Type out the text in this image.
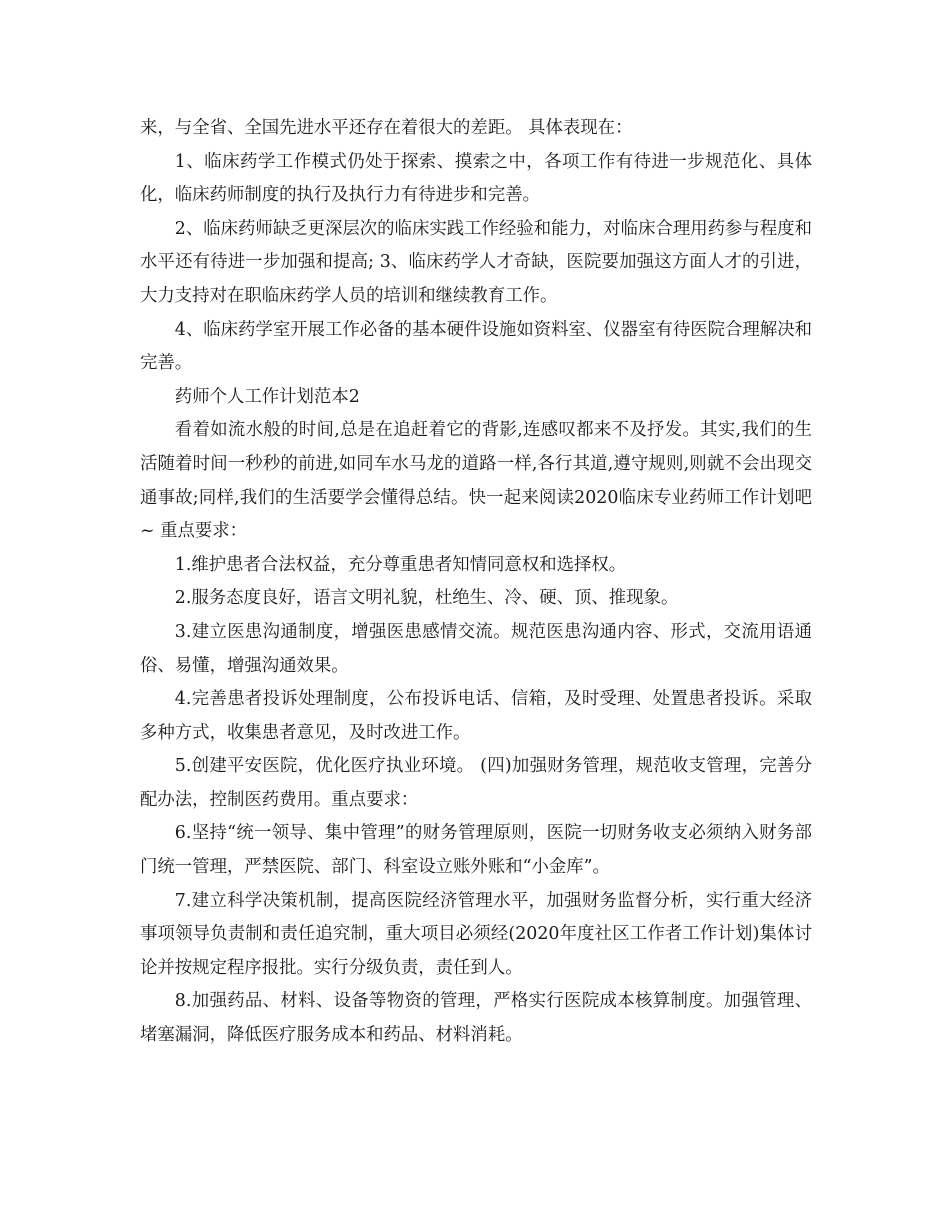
来，与全省、全国先进水平还存在着很大的差距。 具体表现在：

1、临床药学工作模式仍处于探索、摸索之中，各项工作有待进一步规范化、具体化，临床药师制度的执行及执行力有待进步和完善。

2、临床药师缺乏更深层次的临床实践工作经验和能力，对临床合理用药参与程度和水平还有待进一步加强和提高; 3、临床药学人才奇缺，医院要加强这方面人才的引进，大力支持对在职临床药学人员的培训和继续教育工作。

4、临床药学室开展工作必备的基本硬件设施如资料室、仪器室有待医院合理解决和完善。

药师个人工作计划范本2

看着如流水般的时间,总是在追赶着它的背影,连感叹都来不及抒发。其实,我们的生活随着时间一秒秒的前进,如同车水马龙的道路一样,各行其道,遵守规则,则就不会出现交通事故;同样,我们的生活要学会懂得总结。快一起来阅读2020临床专业药师工作计划吧~ 重点要求：

1.维护患者合法权益，充分尊重患者知情同意权和选择权。

2.服务态度良好，语言文明礼貌，杜绝生、冷、硬、顶、推现象。

3.建立医患沟通制度，增强医患感情交流。规范医患沟通内容、形式，交流用语通俗、易懂，增强沟通效果。

4.完善患者投诉处理制度，公布投诉电话、信箱，及时受理、处置患者投诉。采取多种方式，收集患者意见，及时改进工作。

5.创建平安医院，优化医疗执业环境。 (四)加强财务管理，规范收支管理，完善分配办法，控制医药费用。重点要求：

6.坚持“统一领导、集中管理”的财务管理原则，医院一切财务收支必须纳入财务部门统一管理，严禁医院、部门、科室设立账外账和“小金库”。

7.建立科学决策机制，提高医院经济管理水平，加强财务监督分析，实行重大经济事项领导负责制和责任追究制，重大项目必须经(2020年度社区工作者工作计划)集体讨论并按规定程序报批。实行分级负责，责任到人。

8.加强药品、材料、设备等物资的管理，严格实行医院成本核算制度。加强管理、堵塞漏洞，降低医疗服务成本和药品、材料消耗。
